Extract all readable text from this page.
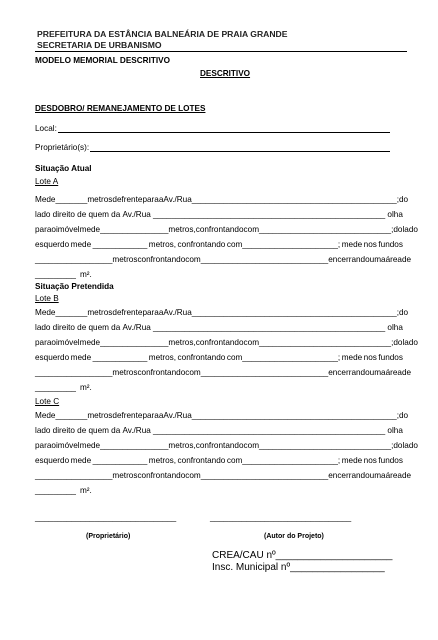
PREFEITURA DA ESTÂNCIA BALNEÁRIA DE PRAIA GRANDE
SECRETARIA DE URBANISMO
MODELO MEMORIAL DESCRITIVO
DESCRITIVO
DESDOBRO/ REMANEJAMENTO DE LOTES
Local:
Proprietário(s):
Situação Atual
Lote A
Mede _______ metros de frente para a Av./Rua _____________________________________________ ; do
lado direito de quem da Av./Rua ___________________________________________________ olha
para o imóvel mede _______________ metros, confrontando com _____________________________; do lado
esquerdo mede ____________ metros, confrontando com_____________________; mede nos fundos
_________________ metros confrontando com ____________________________ encerrando uma área de
_________ m².
Situação Pretendida
Lote B
Mede _______ metros de frente para a Av./Rua _____________________________________________ ; do
lado direito de quem da Av./Rua ___________________________________________________ olha
para o imóvel mede _______________ metros, confrontando com _____________________________; do lado
esquerdo mede ____________ metros, confrontando com_____________________; mede nos fundos
_________________ metros confrontando com ____________________________ encerrando uma área de
_________ m².
Lote C
Mede _______ metros de frente para a Av./Rua _____________________________________________ ; do
lado direito de quem da Av./Rua ___________________________________________________ olha
para o imóvel mede _______________ metros, confrontando com _____________________________; do lado
esquerdo mede ____________ metros, confrontando com_____________________; mede nos fundos
_________________ metros confrontando com ____________________________ encerrando uma área de
_________ m².
_______________________________	_______________________________
(Proprietário)	(Autor do Projeto)
CREA/CAU nº_____________________
Insc. Municipal nº_________________
